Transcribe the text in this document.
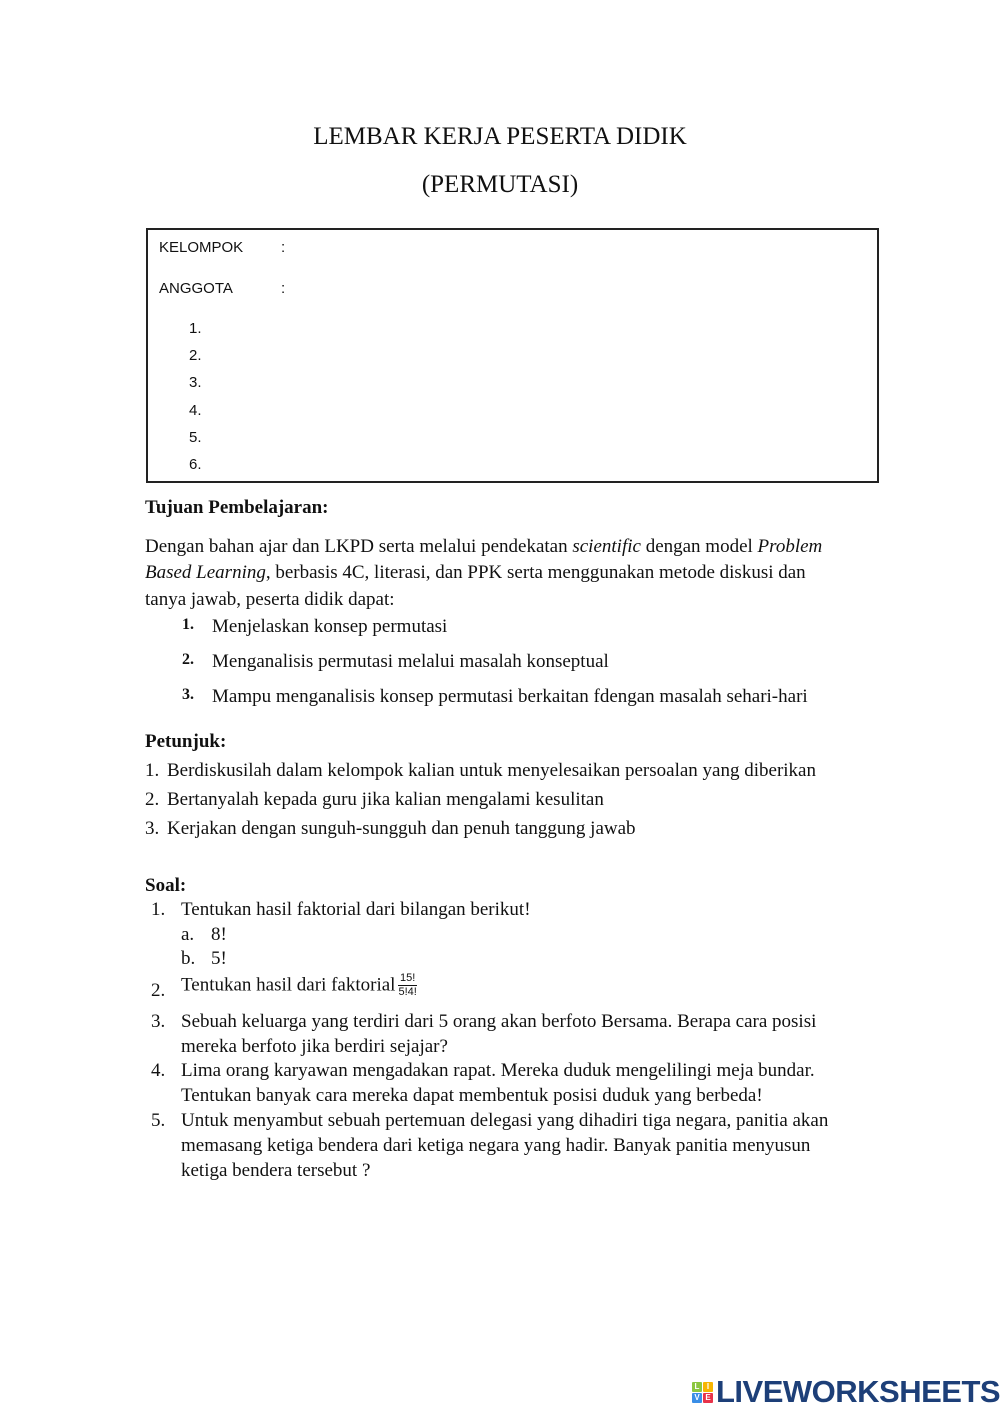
LEMBAR KERJA PESERTA DIDIK
(PERMUTASI)
KELOMPOK	:
ANGGOTA	:
1.
2.
3.
4.
5.
6.
Tujuan Pembelajaran:
Dengan bahan ajar dan LKPD serta melalui pendekatan scientific dengan model Problem
Based Learning, berbasis 4C, literasi, dan PPK serta menggunakan metode diskusi dan
tanya jawab, peserta didik dapat:
1. Menjelaskan konsep permutasi
2. Menganalisis permutasi melalui masalah konseptual
3. Mampu menganalisis konsep permutasi berkaitan fdengan masalah sehari-hari
Petunjuk:
1. Berdiskusilah dalam kelompok kalian untuk menyelesaikan persoalan yang diberikan
2. Bertanyalah kepada guru jika kalian mengalami kesulitan
3. Kerjakan dengan sunguh-sungguh dan penuh tanggung jawab
Soal:
1. Tentukan hasil faktorial dari bilangan berikut!
a. 8!
b. 5!
2. Tentukan hasil dari faktorial $\frac{15!}{5!4!}$
3. Sebuah keluarga yang terdiri dari 5 orang akan berfoto Bersama. Berapa cara posisi
mereka berfoto jika berdiri sejajar?
4. Lima orang karyawan mengadakan rapat. Mereka duduk mengelilingi meja bundar.
Tentukan banyak cara mereka dapat membentuk posisi duduk yang berbeda!
5. Untuk menyambut sebuah pertemuan delegasi yang dihadiri tiga negara, panitia akan
memasang ketiga bendera dari ketiga negara yang hadir. Banyak panitia menyusun
ketiga bendera tersebut ?
L I
V E LIVEWORKSHEETS
